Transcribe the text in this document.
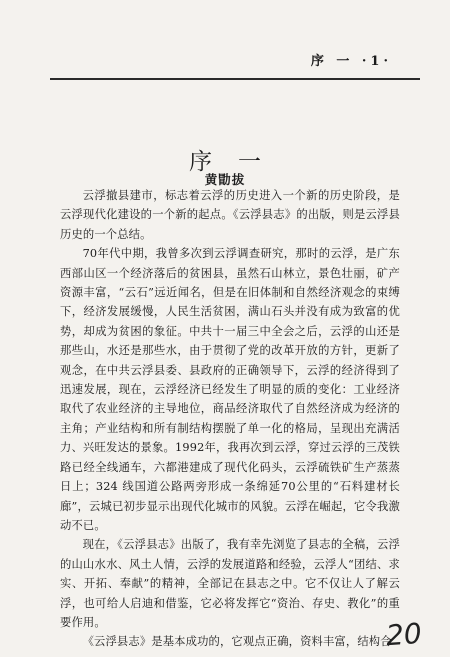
序 一 ·1·
序一
黄勖拔

云浮撤县建市，标志着云浮的历史进入一个新的历史阶段，是云浮现代化建设的一个新的起点。《云浮县志》的出版，则是云浮县历史的一个总结。

70年代中期，我曾多次到云浮调查研究，那时的云浮，是广东西部山区一个经济落后的贫困县，虽然石山林立，景色壮丽，矿产资源丰富，“云石”远近闻名，但是在旧体制和自然经济观念的束缚下，经济发展缓慢，人民生活贫困，满山石头并没有成为致富的优势，却成为贫困的象征。中共十一届三中全会之后，云浮的山还是那些山，水还是那些水，由于贯彻了党的改革开放的方针，更新了观念，在中共云浮县委、县政府的正确领导下，云浮的经济得到了迅速发展，现在，云浮经济已经发生了明显的质的变化：工业经济取代了农业经济的主导地位，商品经济取代了自然经济成为经济的主角；产业结构和所有制结构摆脱了单一化的格局，呈现出充满活力、兴旺发达的景象。1992年，我再次到云浮，穿过云浮的三茂铁路已经全线通车，六都港建成了现代化码头，云浮硫铁矿生产蒸蒸日上；324 线国道公路两旁形成一条绵延70公里的“石料建材长廊”，云城已初步显示出现代化城市的风貌。云浮在崛起，它令我激动不已。

现在，《云浮县志》出版了，我有幸先浏览了县志的全稿，云浮的山山水水、风土人情，云浮的发展道路和经验，云浮人“团结、求实、开拓、奉献”的精神，全部记在县志之中。它不仅让人了解云浮，也可给人启迪和借鉴，它必将发挥它“资治、存史、教化”的重要作用。

《云浮县志》是基本成功的，它观点正确，资料丰富，结构合

20
